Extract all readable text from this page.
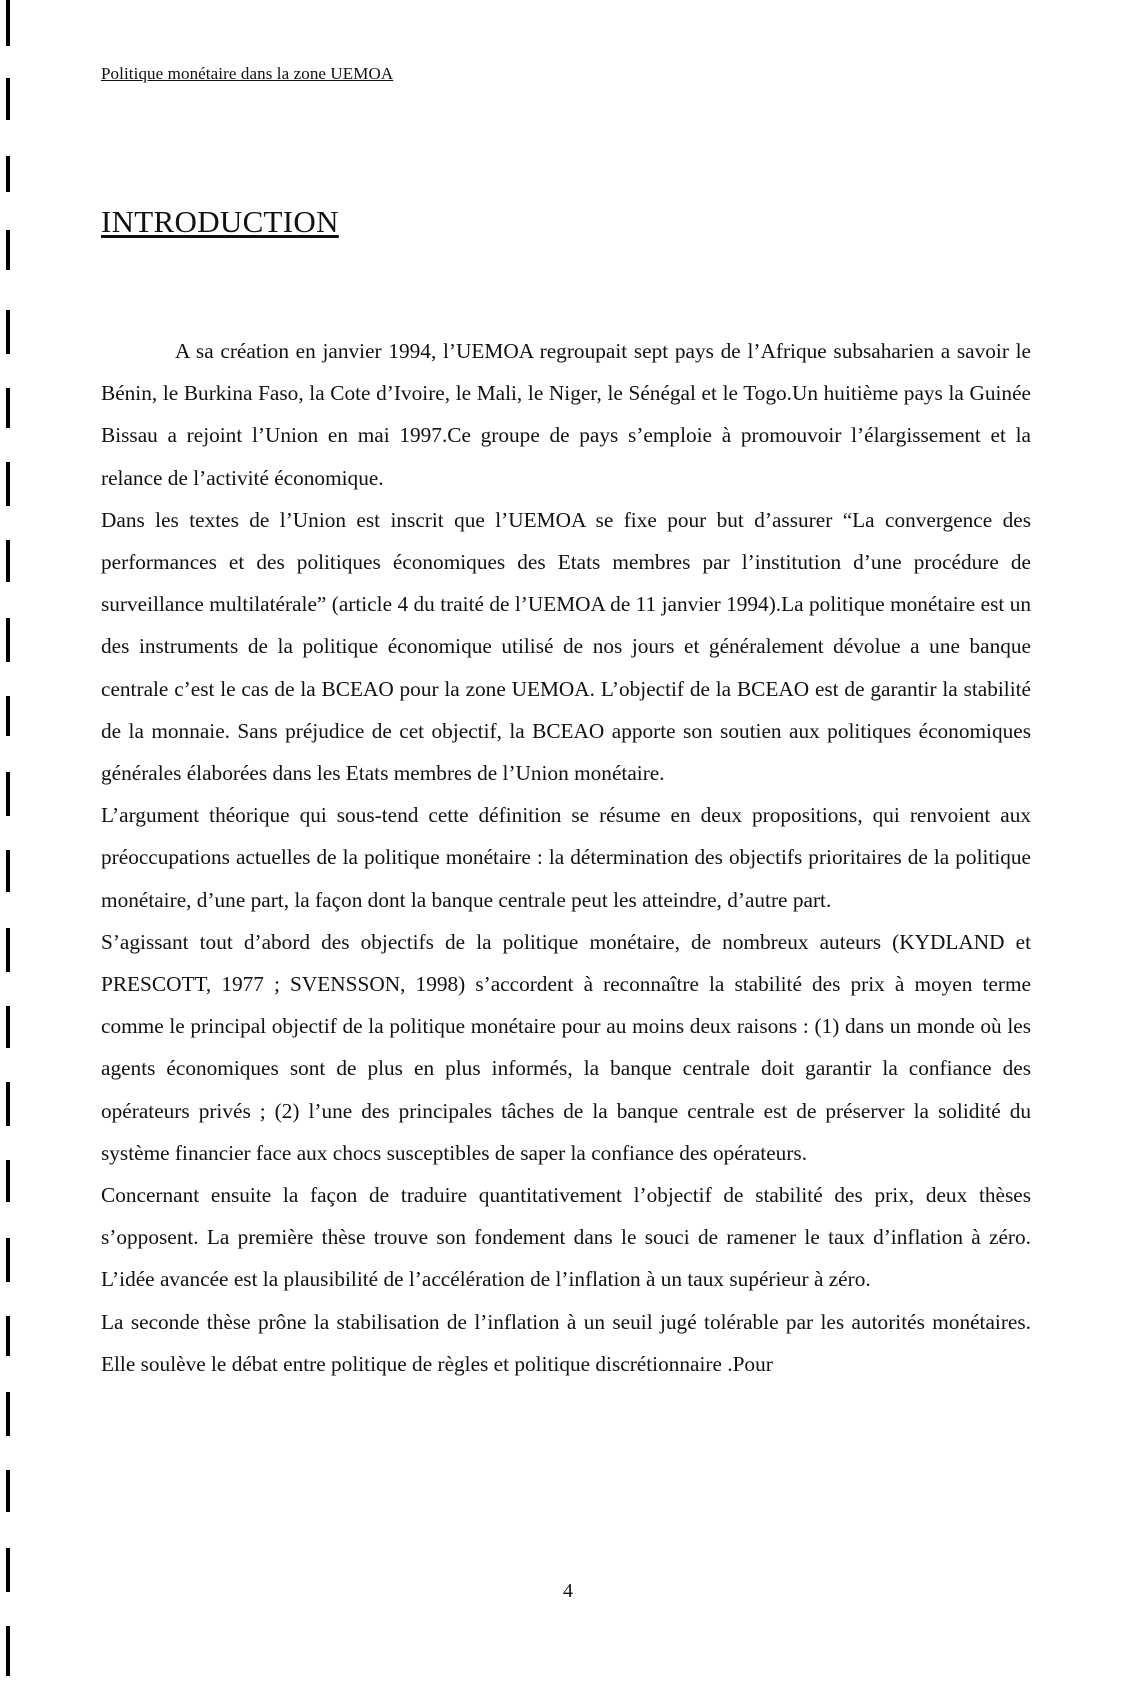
Politique monétaire dans la zone UEMOA
INTRODUCTION

A sa création en janvier 1994, l’UEMOA regroupait sept pays de l’Afrique subsaharien a savoir le Bénin, le Burkina Faso, la Cote d’Ivoire, le Mali, le Niger, le Sénégal et le Togo.Un huitième pays la Guinée Bissau a rejoint l’Union en mai 1997.Ce groupe de pays s’emploie à promouvoir l’élargissement et la relance de l’activité économique.

Dans les textes de l’Union est inscrit que l’UEMOA se fixe pour but d’assurer “La convergence des performances et des politiques économiques des Etats membres par l’institution d’une procédure de surveillance multilatérale” (article 4 du traité de l’UEMOA de 11 janvier 1994).La politique monétaire est un des instruments de la politique économique utilisé de nos jours et généralement dévolue a une banque centrale c’est le cas de la BCEAO pour la zone UEMOA. L’objectif de la BCEAO est de garantir la stabilité de la monnaie. Sans préjudice de cet objectif, la BCEAO apporte son soutien aux politiques économiques générales élaborées dans les Etats membres de l’Union monétaire.

L’argument théorique qui sous-tend cette définition se résume en deux propositions, qui renvoient aux préoccupations actuelles de la politique monétaire : la détermination des objectifs prioritaires de la politique monétaire, d’une part, la façon dont la banque centrale peut les atteindre, d’autre part.

S’agissant tout d’abord des objectifs de la politique monétaire, de nombreux auteurs (KYDLAND et PRESCOTT, 1977 ; SVENSSON, 1998) s’accordent à reconnaître la stabilité des prix à moyen terme comme le principal objectif de la politique monétaire pour au moins deux raisons : (1) dans un monde où les agents économiques sont de plus en plus informés, la banque centrale doit garantir la confiance des opérateurs privés ; (2) l’une des principales tâches de la banque centrale est de préserver la solidité du système financier face aux chocs susceptibles de saper la confiance des opérateurs.

Concernant ensuite la façon de traduire quantitativement l’objectif de stabilité des prix, deux thèses s’opposent. La première thèse trouve son fondement dans le souci de ramener le taux d’inflation à zéro. L’idée avancée est la plausibilité de l’accélération de l’inflation à un taux supérieur à zéro.

La seconde thèse prône la stabilisation de l’inflation à un seuil jugé tolérable par les autorités monétaires. Elle soulève le débat entre politique de règles et politique discrétionnaire .Pour

4
